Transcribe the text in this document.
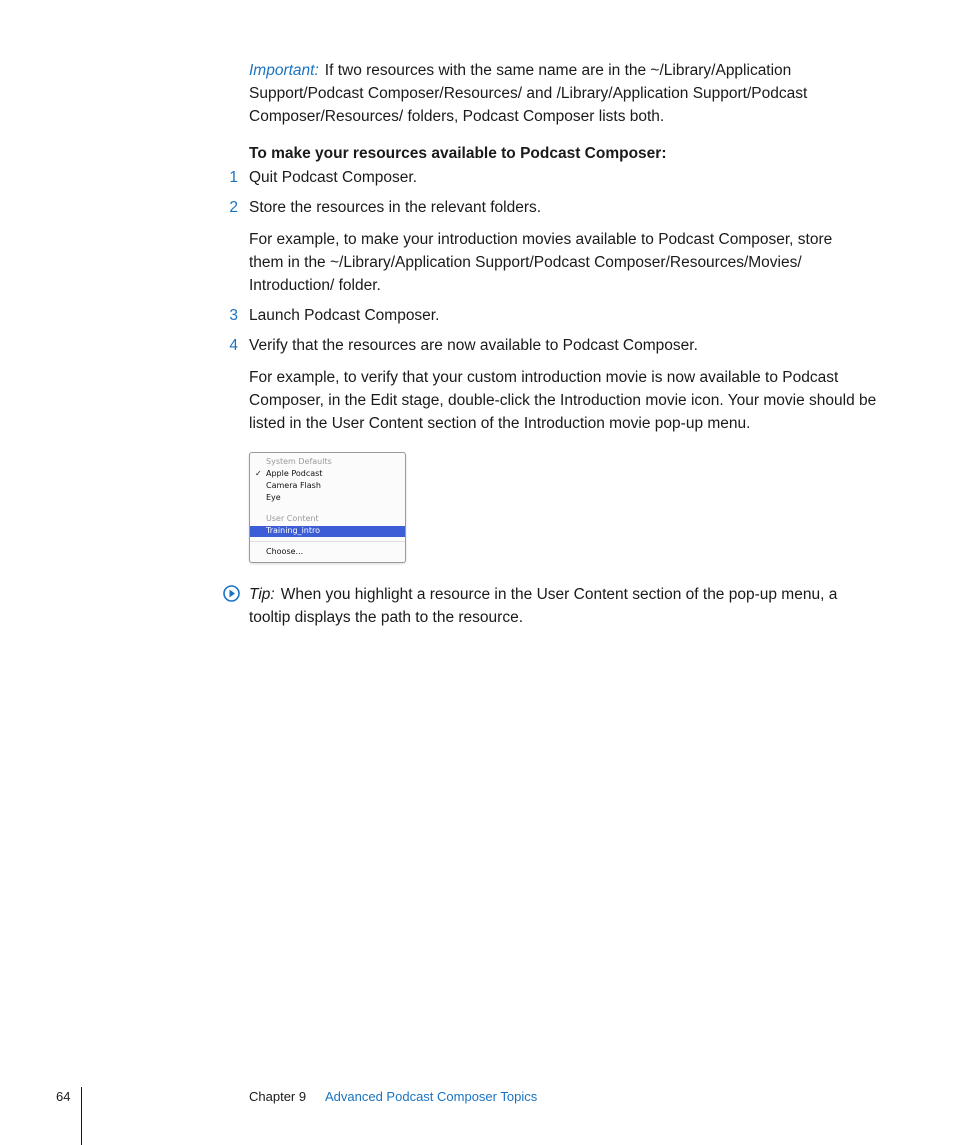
Important: If two resources with the same name are in the ~/Library/Application Support/Podcast Composer/Resources/ and /Library/Application Support/Podcast Composer/Resources/ folders, Podcast Composer lists both.

To make your resources available to Podcast Composer:

1 Quit Podcast Composer.
2 Store the resources in the relevant folders.

For example, to make your introduction movies available to Podcast Composer, store them in the ~/Library/Application Support/Podcast Composer/Resources/Movies/ Introduction/ folder.

3 Launch Podcast Composer.
4 Verify that the resources are now available to Podcast Composer.

For example, to verify that your custom introduction movie is now available to Podcast Composer, in the Edit stage, double-click the Introduction movie icon. Your movie should be listed in the User Content section of the Introduction movie pop-up menu.

System Defaults
✓ Apple Podcast
Camera Flash
Eye
User Content
Training_intro
Choose...

Tip: When you highlight a resource in the User Content section of the pop-up menu, a tooltip displays the path to the resource.

64	Chapter 9 Advanced Podcast Composer Topics
